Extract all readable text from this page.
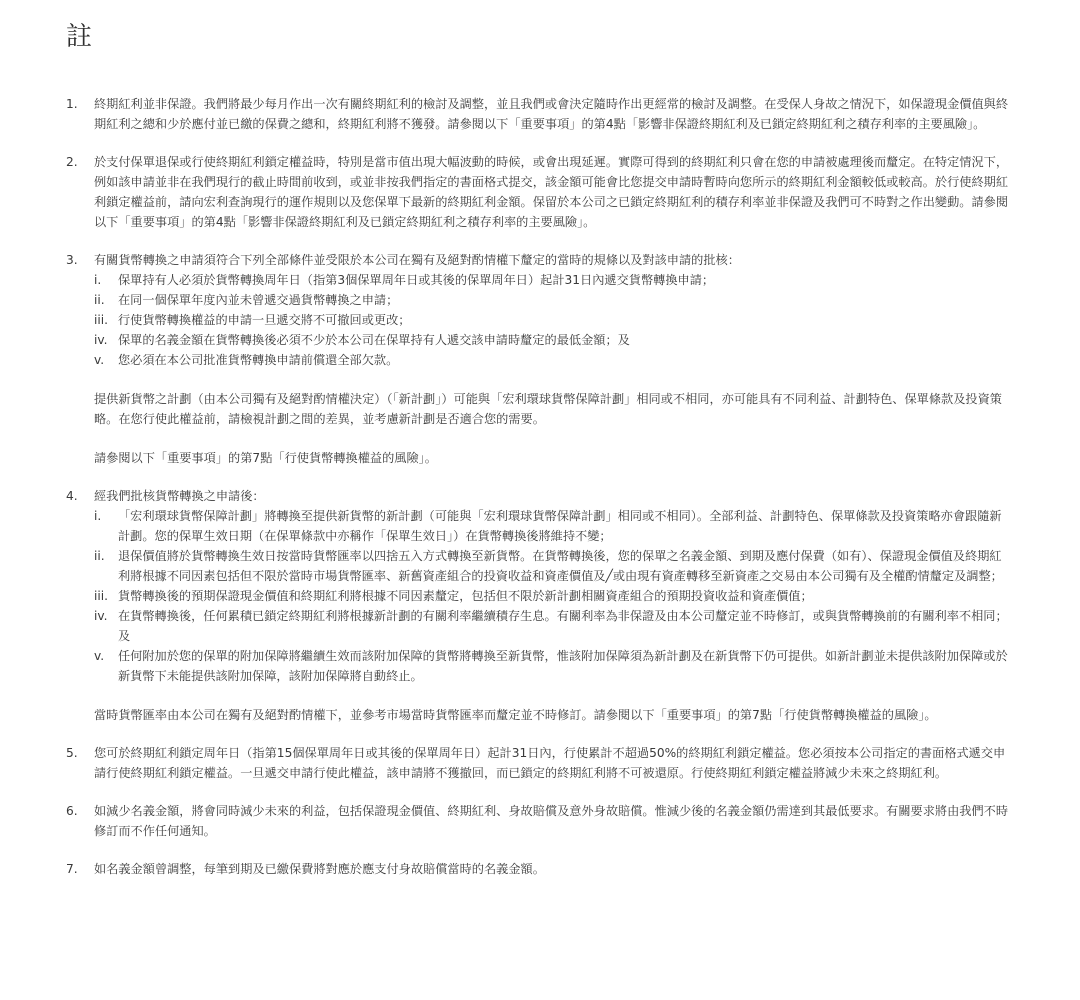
註
1.	終期紅利並非保證。我們將最少每月作出一次有關終期紅利的檢討及調整，並且我們或會決定隨時作出更經常的檢討及調整。在受保人身故之情況下，如保證現金價值與終期紅利之總和少於應付並已繳的保費之總和，終期紅利將不獲發。請參閱以下「重要事項」的第4點「影響非保證終期紅利及已鎖定終期紅利之積存利率的主要風險」。

2.	於支付保單退保或行使終期紅利鎖定權益時，特別是當市值出現大幅波動的時候，或會出現延遲。實際可得到的終期紅利只會在您的申請被處理後而釐定。在特定情況下，例如該申請並非在我們現行的截止時間前收到，或並非按我們指定的書面格式提交，該金額可能會比您提交申請時暫時向您所示的終期紅利金額較低或較高。於行使終期紅利鎖定權益前，請向宏利查詢現行的運作規則以及您保單下最新的終期紅利金額。保留於本公司之已鎖定終期紅利的積存利率並非保證及我們可不時對之作出變動。請參閱以下「重要事項」的第4點「影響非保證終期紅利及已鎖定終期紅利之積存利率的主要風險」。

3.	有關貨幣轉換之申請須符合下列全部條件並受限於本公司在獨有及絕對酌情權下釐定的當時的規條以及對該申請的批核：

i.	保單持有人必須於貨幣轉換周年日（指第3個保單周年日或其後的保單周年日）起計31日內遞交貨幣轉換申請；
ii.	在同一個保單年度內並未曾遞交過貨幣轉換之申請；
iii. 行使貨幣轉換權益的申請一旦遞交將不可撤回或更改；
iv. 保單的名義金額在貨幣轉換後必須不少於本公司在保單持有人遞交該申請時釐定的最低金額；及
v.	您必須在本公司批准貨幣轉換申請前償還全部欠款。

提供新貨幣之計劃（由本公司獨有及絕對酌情權決定）（「新計劃」）可能與「宏利環球貨幣保障計劃」相同或不相同，亦可能具有不同利益、計劃特色、保單條款及投資策略。在您行使此權益前，請檢視計劃之間的差異，並考慮新計劃是否適合您的需要。

請參閱以下「重要事項」的第7點「行使貨幣轉換權益的風險」。

4.	經我們批核貨幣轉換之申請後：

i.	「宏利環球貨幣保障計劃」將轉換至提供新貨幣的新計劃（可能與「宏利環球貨幣保障計劃」相同或不相同）。全部利益、計劃特色、保單條款及投資策略亦會跟隨新計劃。您的保單生效日期（在保單條款中亦稱作「保單生效日」）在貨幣轉換後將維持不變；
ii.	退保價值將於貨幣轉換生效日按當時貨幣匯率以四捨五入方式轉換至新貨幣。在貨幣轉換後，您的保單之名義金額、到期及應付保費（如有）、保證現金價值及終期紅利將根據不同因素包括但不限於當時市場貨幣匯率、新舊資產組合的投資收益和資產價值及╱或由現有資產轉移至新資產之交易由本公司獨有及全權酌情釐定及調整；
iii. 貨幣轉換後的預期保證現金價值和終期紅利將根據不同因素釐定，包括但不限於新計劃相關資產組合的預期投資收益和資產價值；
iv. 在貨幣轉換後，任何累積已鎖定終期紅利將根據新計劃的有關利率繼續積存生息。有關利率為非保證及由本公司釐定並不時修訂，或與貨幣轉換前的有關利率不相同；及
v.	任何附加於您的保單的附加保障將繼續生效而該附加保障的貨幣將轉換至新貨幣，惟該附加保障須為新計劃及在新貨幣下仍可提供。如新計劃並未提供該附加保障或於新貨幣下未能提供該附加保障，該附加保障將自動終止。

當時貨幣匯率由本公司在獨有及絕對酌情權下，並參考市場當時貨幣匯率而釐定並不時修訂。請參閱以下「重要事項」的第7點「行使貨幣轉換權益的風險」。

5.	您可於終期紅利鎖定周年日（指第15個保單周年日或其後的保單周年日）起計31日內，行使累計不超過50%的終期紅利鎖定權益。您必須按本公司指定的書面格式遞交申請行使終期紅利鎖定權益。一旦遞交申請行使此權益，該申請將不獲撤回，而已鎖定的終期紅利將不可被還原。行使終期紅利鎖定權益將減少未來之終期紅利。

6.	如減少名義金額，將會同時減少未來的利益，包括保證現金價值、終期紅利、身故賠償及意外身故賠償。惟減少後的名義金額仍需達到其最低要求。有關要求將由我們不時修訂而不作任何通知。

7.	如名義金額曾調整，每筆到期及已繳保費將對應於應支付身故賠償當時的名義金額。
